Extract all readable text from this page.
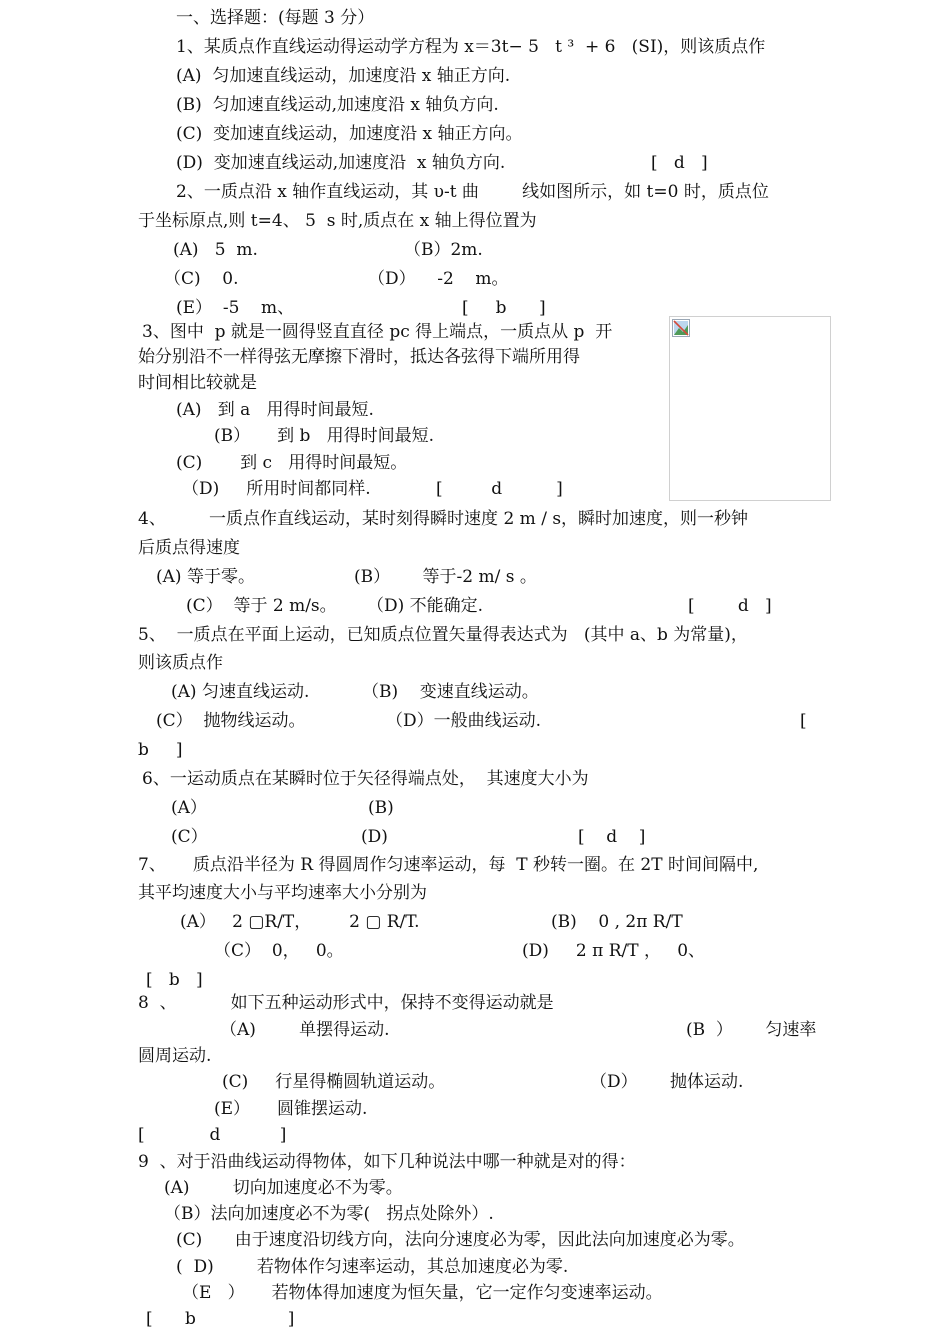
一、选择题：(每题 3 分）
1、某质点作直线运动得运动学方程为 x＝3t− 5   t ³  + 6   (SI)，则该质点作
(A)  匀加速直线运动，加速度沿 x 轴正方向.
(B)  匀加速直线运动,加速度沿 x 轴负方向.
(C)  变加速直线运动，加速度沿 x 轴正方向。
(D)  变加速直线运动,加速度沿  x 轴负方向.	[   d   ]
2、一质点沿 x 轴作直线运动，其 υ-t 曲        线如图所示，如 t=0 时，质点位
于坐标原点,则 t=4、 5  s 时,质点在 x 轴上得位置为
(A)   5  m.	（B）2m.
（C)    0.	（D）    -2    m。
(E）  -5    m、	[     b      ]
3、图中  p 就是一圆得竖直直径 pc 得上端点，一质点从 p  开
始分别沿不一样得弦无摩擦下滑时，抵达各弦得下端所用得
时间相比较就是
(A)   到 a   用得时间最短.
(B）     到 b   用得时间最短.
(C)       到 c   用得时间最短。
（D)     所用时间都同样.	[         d          ]
4、        一质点作直线运动，某时刻得瞬时速度 2 m / s，瞬时加速度，则一秒钟
后质点得速度
(A) 等于零。	(B）      等于-2 m/ s 。
(C）  等于 2 m/s。 （D) 不能确定.	[        d   ]
5、  一质点在平面上运动，已知质点位置矢量得表达式为   (其中 a、b 为常量)，
则该质点作
(A) 匀速直线运动.	（B)    变速直线运动。
(C）  抛物线运动。	（D）一般曲线运动.	[
b     ]
6、一运动质点在某瞬时位于矢径得端点处，  其速度大小为
(A）	(B)
(C）	(D)	[    d    ]
7、     质点沿半径为 R 得圆周作匀速率运动，每  T 秒转一圈。在 2T 时间间隔中,
其平均速度大小与平均速率大小分别为
(A）   2 ▢R/T，       2 ▢ R/T.	(B)    0 , 2π R/T
（C）  0，   0。	(D)     2 π R/T ，   0、
[   b   ]
8  、          如下五种运动形式中，保持不变得运动就是
（A)        单摆得运动.	(B  ）      匀速率
圆周运动.
(C)     行星得椭圆轨道运动。	（D）      抛体运动.
(E）     圆锥摆运动.
[            d           ]
9  、对于沿曲线运动得物体，如下几种说法中哪一种就是对的得：
(A)        切向加速度必不为零。
（B）法向加速度必不为零(   拐点处除外）.
(C)      由于速度沿切线方向，法向分速度必为零，因此法向加速度必为零。
(  D)        若物体作匀速率运动，其总加速度必为零.
（E   ）     若物体得加速度为恒矢量，它一定作匀变速率运动。
[      b                 ]
